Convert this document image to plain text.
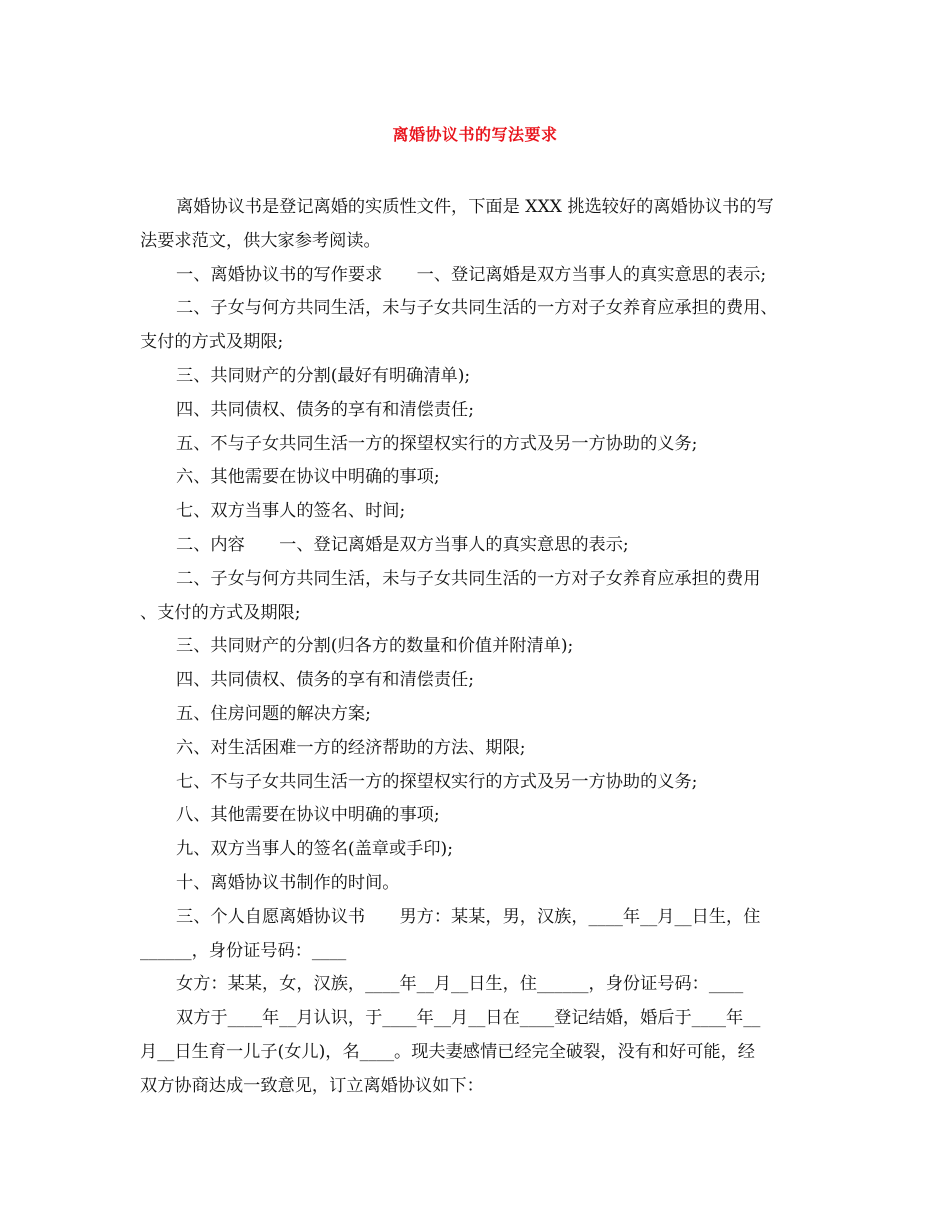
离婚协议书的写法要求
离婚协议书是登记离婚的实质性文件，下面是 XXX 挑选较好的离婚协议书的写
法要求范文，供大家参考阅读。
一、离婚协议书的写作要求　　一、登记离婚是双方当事人的真实意思的表示;
二、子女与何方共同生活，未与子女共同生活的一方对子女养育应承担的费用、
支付的方式及期限;
三、共同财产的分割(最好有明确清单);
四、共同债权、债务的享有和清偿责任;
五、不与子女共同生活一方的探望权实行的方式及另一方协助的义务;
六、其他需要在协议中明确的事项;
七、双方当事人的签名、时间;
二、内容　　一、登记离婚是双方当事人的真实意思的表示;
二、子女与何方共同生活，未与子女共同生活的一方对子女养育应承担的费用
、支付的方式及期限;
三、共同财产的分割(归各方的数量和价值并附清单);
四、共同债权、债务的享有和清偿责任;
五、住房问题的解决方案;
六、对生活困难一方的经济帮助的方法、期限;
七、不与子女共同生活一方的探望权实行的方式及另一方协助的义务;
八、其他需要在协议中明确的事项;
九、双方当事人的签名(盖章或手印);
十、离婚协议书制作的时间。
三、个人自愿离婚协议书　　男方：某某，男，汉族，____年__月__日生，住
______，身份证号码：____
女方：某某，女，汉族，____年__月__日生，住______，身份证号码：____
双方于____年__月认识，于____年__月__日在____登记结婚，婚后于____年__
月__日生育一儿子(女儿)，名____。现夫妻感情已经完全破裂，没有和好可能，经
双方协商达成一致意见，订立离婚协议如下：
